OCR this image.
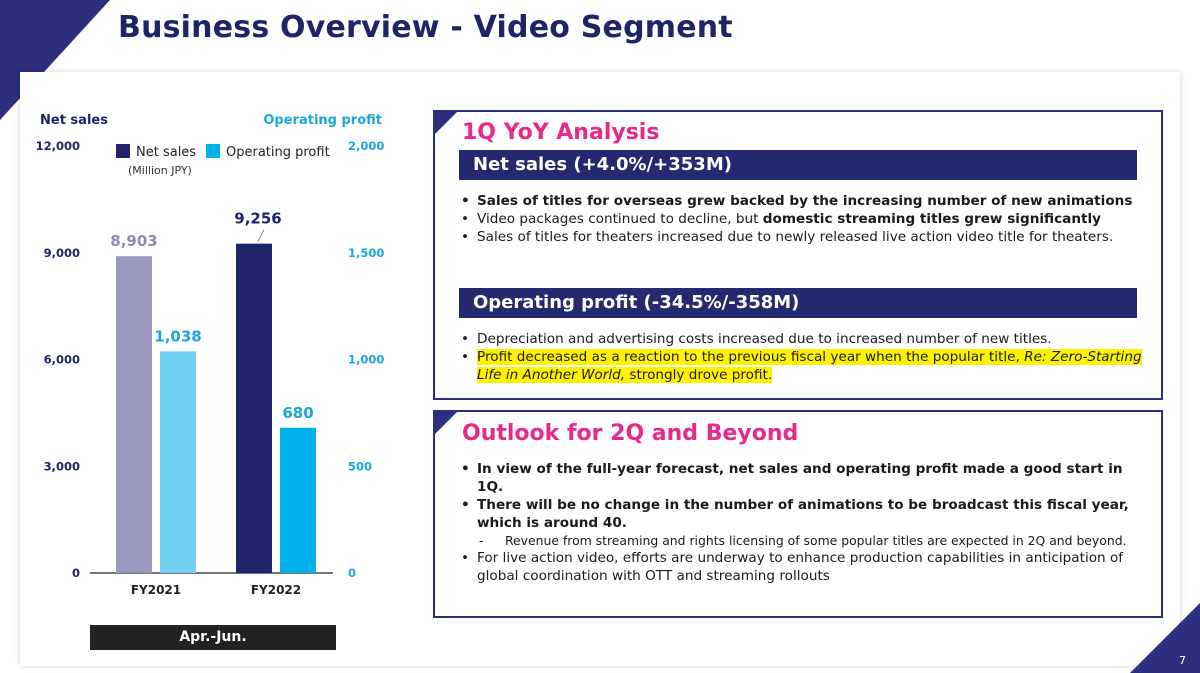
Business Overview - Video Segment
Net sales	Operating profit
0
3,000
6,000
9,000
12,000
0
500
1,000
1,500
2,000
Net sales Operating profit
(Million JPY)
8,903
1,038
FY2021
9,256
680
FY2022
Apr.-Jun.
1Q YoY Analysis
Net sales (+4.0%/+353M)
• Sales of titles for overseas grew backed by the increasing number of new animations
• Video packages continued to decline, but domestic streaming titles grew significantly
• Sales of titles for theaters increased due to newly released live action video title for theaters.
Operating profit (-34.5%/-358M)
• Depreciation and advertising costs increased due to increased number of new titles.
• Profit decreased as a reaction to the previous fiscal year when the popular title, Re: Zero-Starting Life in Another World, strongly drove profit.
Outlook for 2Q and Beyond
• In view of the full-year forecast, net sales and operating profit made a good start in 1Q.
• There will be no change in the number of animations to be broadcast this fiscal year, which is around 40.
- Revenue from streaming and rights licensing of some popular titles are expected in 2Q and beyond.
• For live action video, efforts are underway to enhance production capabilities in anticipation of global coordination with OTT and streaming rollouts
7
